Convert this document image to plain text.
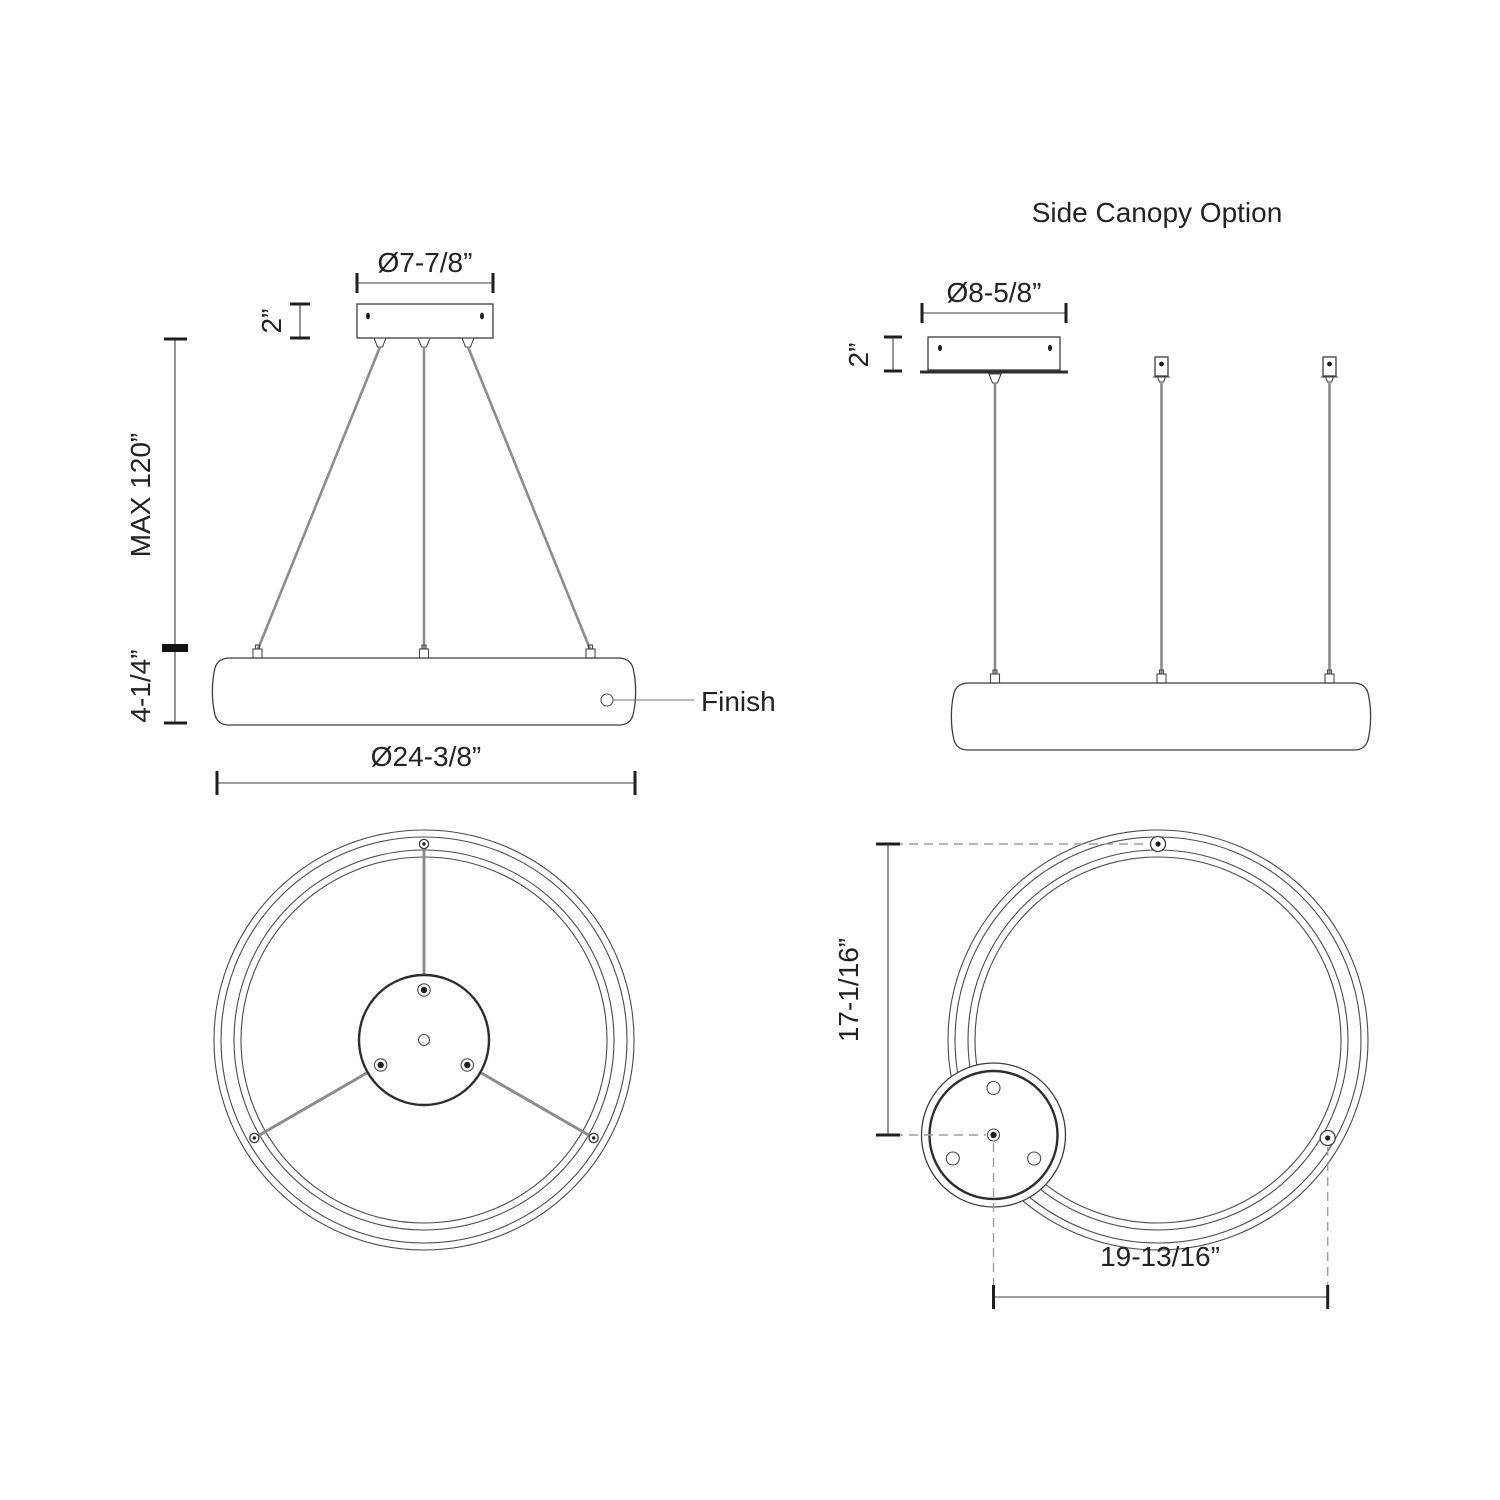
Ø7-7/8”
2”
MAX 120”
4-1/4”	Finish
Ø24-3/8”
Side Canopy Option
Ø8-5/8”
2”
17-1/16”
19-13/16”
